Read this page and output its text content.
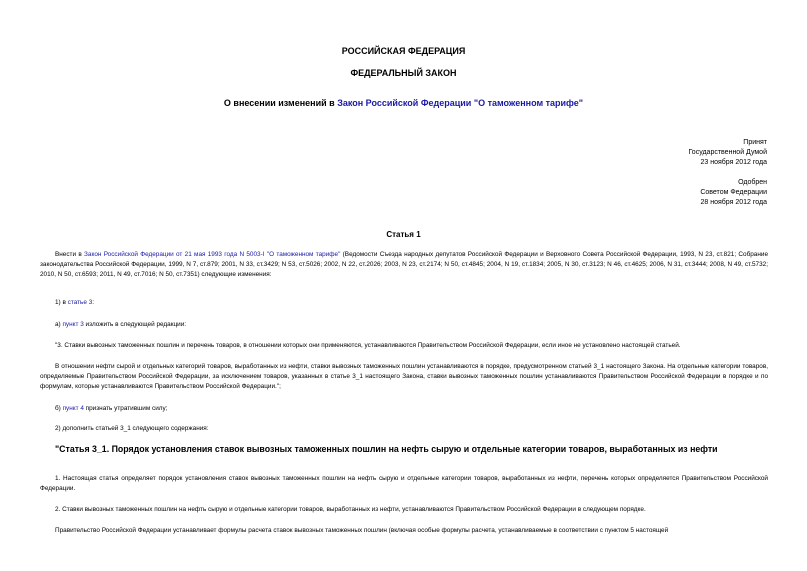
РОССИЙСКАЯ ФЕДЕРАЦИЯ
ФЕДЕРАЛЬНЫЙ ЗАКОН
О внесении изменений в Закон Российской Федерации "О таможенном тарифе"
Принят
Государственной Думой
23 ноября 2012 года
Одобрен
Советом Федерации
28 ноября 2012 года
Статья 1
Внести в Закон Российской Федерации от 21 мая 1993 года N 5003-I "О таможенном тарифе" (Ведомости Съезда народных депутатов Российской Федерации и Верховного Совета Российской Федерации, 1993, N 23, ст.821; Собрание законодательства Российской Федерации, 1999, N 7, ст.879; 2001, N 33, ст.3429; N 53, ст.5026; 2002, N 22, ст.2026; 2003, N 23, ст.2174; N 50, ст.4845; 2004, N 19, ст.1834; 2005, N 30, ст.3123; N 46, ст.4625; 2006, N 31, ст.3444; 2008, N 49, ст.5732; 2010, N 50, ст.6593; 2011, N 49, ст.7016; N 50, ст.7351) следующие изменения:
1) в статье 3:
а) пункт 3 изложить в следующей редакции:
"3. Ставки вывозных таможенных пошлин и перечень товаров, в отношении которых они применяются, устанавливаются Правительством Российской Федерации, если иное не установлено настоящей статьей.
В отношении нефти сырой и отдельных категорий товаров, выработанных из нефти, ставки вывозных таможенных пошлин устанавливаются в порядке, предусмотренном статьей 3_1 настоящего Закона. На отдельные категории товаров, определяемые Правительством Российской Федерации, за исключением товаров, указанных в статье 3_1 настоящего Закона, ставки вывозных таможенных пошлин устанавливаются Правительством Российской Федерации в порядке и по формулам, которые устанавливаются Правительством Российской Федерации.";
б) пункт 4 признать утратившим силу;
2) дополнить статьей 3_1 следующего содержания:
"Статья 3_1. Порядок установления ставок вывозных таможенных пошлин на нефть сырую и отдельные категории товаров, выработанных из нефти
1. Настоящая статья определяет порядок установления ставок вывозных таможенных пошлин на нефть сырую и отдельные категории товаров, выработанных из нефти, перечень которых определяется Правительством Российской Федерации.
2. Ставки вывозных таможенных пошлин на нефть сырую и отдельные категории товаров, выработанных из нефти, устанавливаются Правительством Российской Федерации в следующем порядке.
Правительство Российской Федерации устанавливает формулы расчета ставок вывозных таможенных пошлин (включая особые формулы расчета, устанавливаемые в соответствии с пунктом 5 настоящей
